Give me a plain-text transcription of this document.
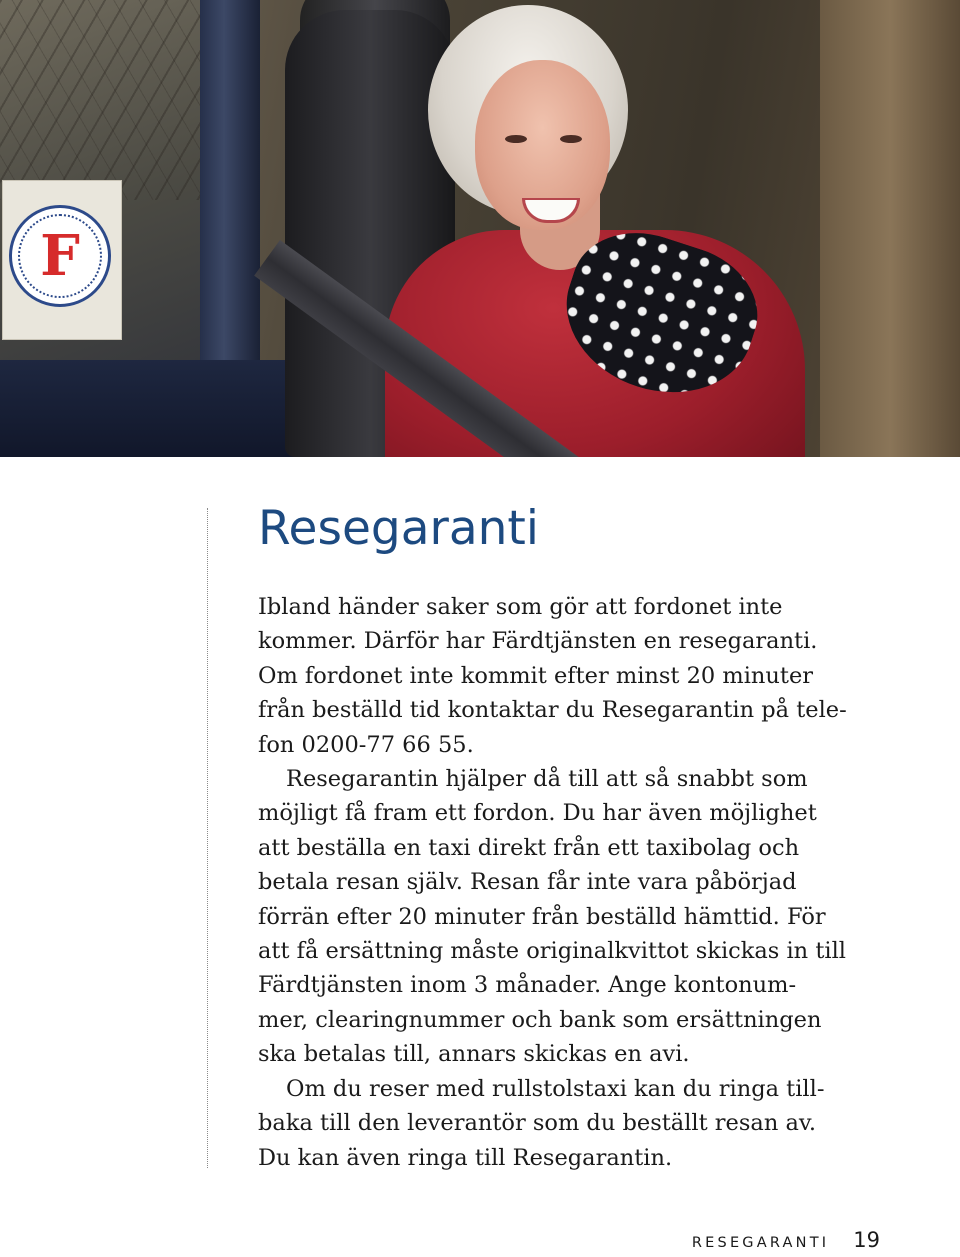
F
Resegaranti

Ibland händer saker som gör att fordonet inte

kommer. Därför har Färdtjänsten en resegaranti.

Om fordonet inte kommit efter minst 20 minuter

från beställd tid kontaktar du Resegarantin på tele-

fon 0200-77 66 55.

Resegarantin hjälper då till att så snabbt som

möjligt få fram ett fordon. Du har även möjlighet

att beställa en taxi direkt från ett taxibolag och

betala resan själv. Resan får inte vara påbörjad

förrän efter 20 minuter från beställd hämttid. För

att få ersättning måste originalkvittot skickas in till

Färdtjänsten inom 3 månader. Ange kontonum-

mer, clearingnummer och bank som ersättningen

ska betalas till, annars skickas en avi.

Om du reser med rullstolstaxi kan du ringa till-

baka till den leverantör som du beställt resan av.

Du kan även ringa till Resegarantin.

RESEGARANTI 19
